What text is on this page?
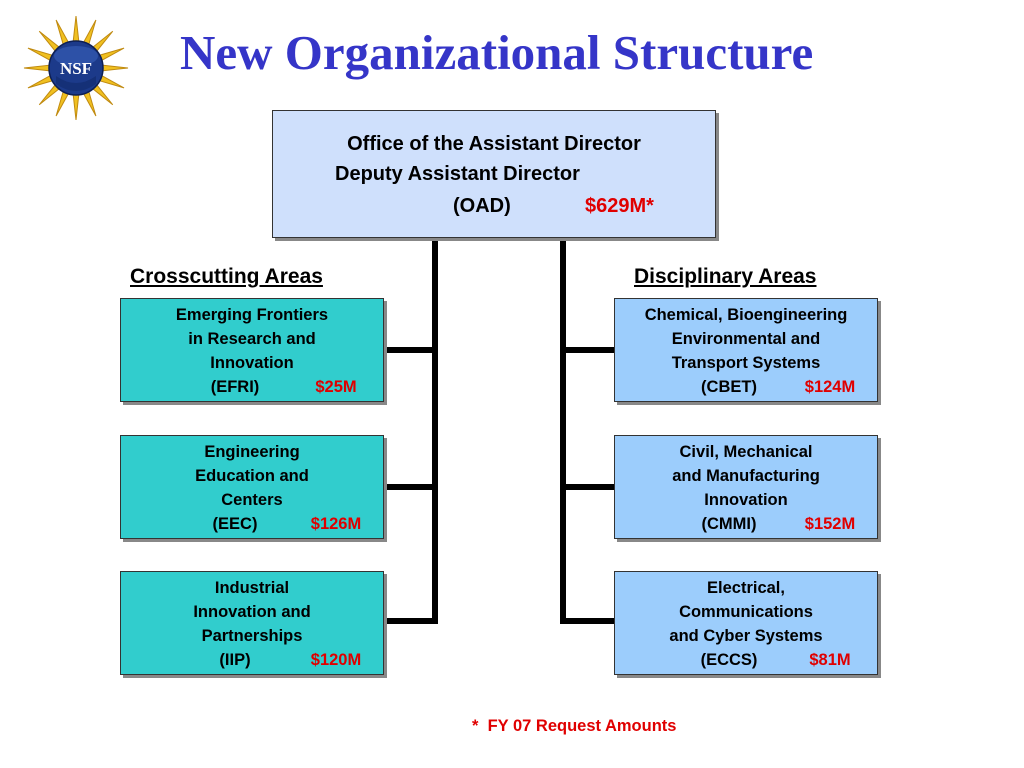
NSF New Organizational Structure
Office of the Assistant Director
Deputy Assistant Director
(OAD)	$629M*
Crosscutting Areas	Disciplinary Areas
Emerging Frontiers
in Research and
Innovation
(EFRI)	$25M
Engineering
Education and
Centers
(EEC)	$126M
Industrial
Innovation and
Partnerships
(IIP)	$120M
Chemical, Bioengineering
Environmental and
Transport Systems
(CBET)	$124M
Civil, Mechanical
and Manufacturing
Innovation
(CMMI)	$152M
Electrical,
Communications
and Cyber Systems
(ECCS)	$81M
*  FY 07 Request Amounts
